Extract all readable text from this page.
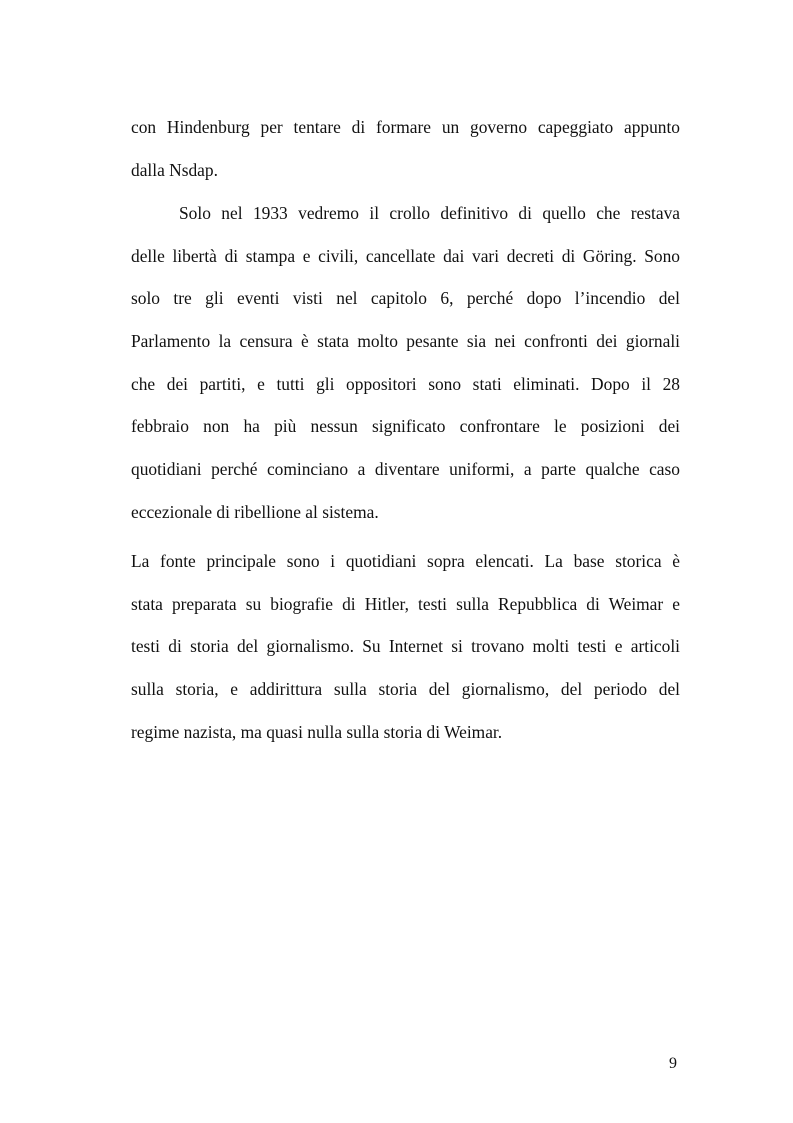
con Hindenburg per tentare di formare un governo capeggiato appunto
dalla Nsdap.
Solo nel 1933 vedremo il crollo definitivo di quello che restava
delle libertà di stampa e civili, cancellate dai vari decreti di Göring. Sono
solo tre gli eventi visti nel capitolo 6, perché dopo l’incendio del
Parlamento la censura è stata molto pesante sia nei confronti dei giornali
che dei partiti, e tutti gli oppositori sono stati eliminati. Dopo il 28
febbraio non ha più nessun significato confrontare le posizioni dei
quotidiani perché cominciano a diventare uniformi, a parte qualche caso
eccezionale di ribellione al sistema.
La fonte principale sono i quotidiani sopra elencati. La base storica è
stata preparata su biografie di Hitler, testi sulla Repubblica di Weimar e
testi di storia del giornalismo. Su Internet si trovano molti testi e articoli
sulla storia, e addirittura sulla storia del giornalismo, del periodo del
regime nazista, ma quasi nulla sulla storia di Weimar.
9
